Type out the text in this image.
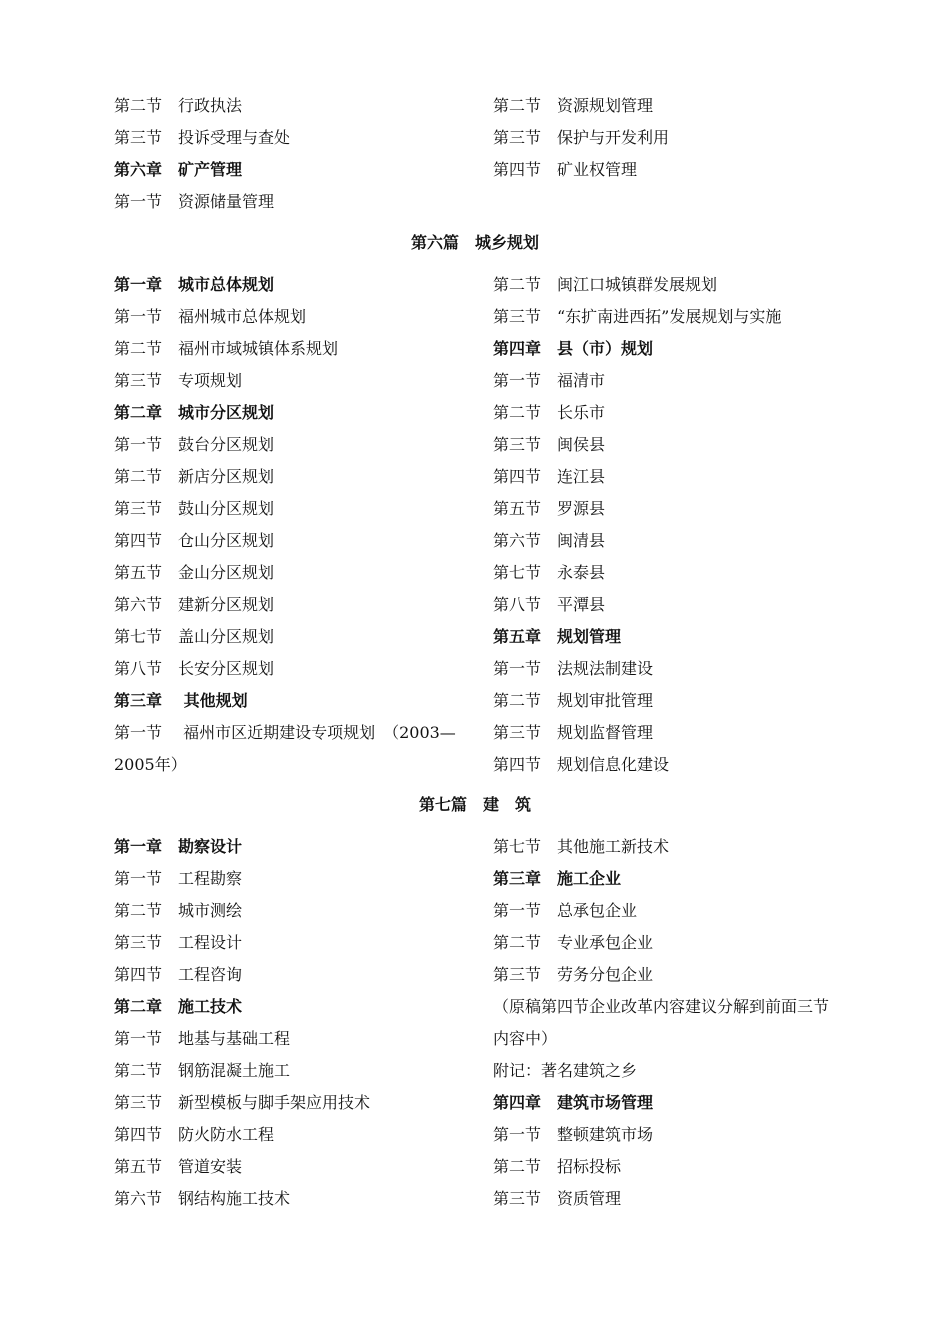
第二节　行政执法
第三节　投诉受理与查处
第六章　矿产管理
第一节　资源储量管理
第二节　资源规划管理
第三节　保护与开发利用
第四节　矿业权管理
第六篇　城乡规划
第一章　城市总体规划
第一节　福州城市总体规划
第二节　福州市域城镇体系规划
第三节　专项规划
第二章　城市分区规划
第一节　鼓台分区规划
第二节　新店分区规划
第三节　鼓山分区规划
第四节　仓山分区规划
第五节　金山分区规划
第六节　建新分区规划
第七节　盖山分区规划
第八节　长安分区规划
第三章　 其他规划
第一节　 福州市区近期建设专项规划　（2003—2005年）
第二节　闽江口城镇群发展规划
第三节　“东扩南进西拓”发展规划与实施
第四章　县（市）规划
第一节　福清市
第二节　长乐市
第三节　闽侯县
第四节　连江县
第五节　罗源县
第六节　闽清县
第七节　永泰县
第八节　平潭县
第五章　规划管理
第一节　法规法制建设
第二节　规划审批管理
第三节　规划监督管理
第四节　规划信息化建设
第七篇　建　筑
第一章　勘察设计
第一节　工程勘察
第二节　城市测绘
第三节　工程设计
第四节　工程咨询
第二章　施工技术
第一节　地基与基础工程
第二节　钢筋混凝土施工
第三节　新型模板与脚手架应用技术
第四节　防火防水工程
第五节　管道安装
第六节　钢结构施工技术
第七节　其他施工新技术
第三章　施工企业
第一节　总承包企业
第二节　专业承包企业
第三节　劳务分包企业
（原稿第四节企业改革内容建议分解到前面三节内容中）
附记：著名建筑之乡
第四章　建筑市场管理
第一节　整顿建筑市场
第二节　招标投标
第三节　资质管理
